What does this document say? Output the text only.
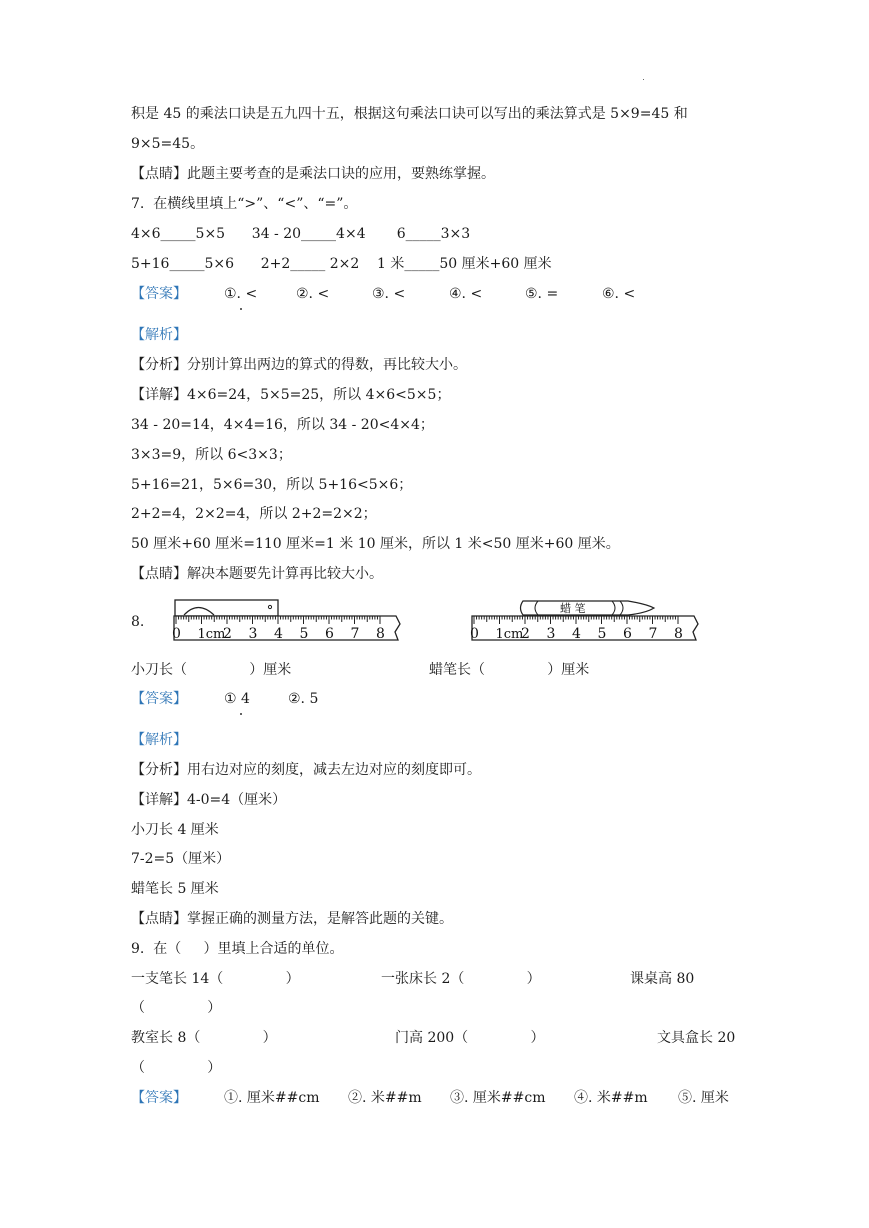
积是 45 的乘法口诀是五九四十五，根据这句乘法口诀可以写出的乘法算式是 5×9=45 和
9×5=45。
【点睛】此题主要考查的是乘法口诀的应用，要熟练掌握。
7.  在横线里填上“>”、“<”、“=”。
4×6_____5×5      34 - 20_____4×4       6_____3×3
5+16_____5×6      2+2_____ 2×2    1 米_____50 厘米+60 厘米
【答案】	①. <	②. <	③. <	④. <	⑤. =	⑥. <
【解析】
【分析】分别计算出两边的算式的得数，再比较大小。
【详解】4×6=24，5×5=25，所以 4×6<5×5；
34 - 20=14，4×4=16，所以 34 - 20<4×4；
3×3=9，所以 6<3×3；
5+16=21，5×6=30，所以 5+16<5×6；
2+2=4，2×2=4，所以 2+2=2×2；
50 厘米+60 厘米=110 厘米=1 米 10 厘米，所以 1 米<50 厘米+60 厘米。
【点睛】解决本题要先计算再比较大小。
8.
0 1cm
2 3 4 5 6 7 8
蜡 笔
0 1cm
2 3 4 5 6 7 8
小刀长（              ）厘米	蜡笔长（              ）厘米
【答案】	① 4	②. 5
【解析】
【分析】用右边对应的刻度，减去左边对应的刻度即可。
【详解】4-0=4（厘米）
小刀长 4 厘米
7-2=5（厘米）
蜡笔长 5 厘米
【点睛】掌握正确的测量方法，是解答此题的关键。
9.  在（     ）里填上合适的单位。
一支笔长 14（              ）	一张床长 2（              ）	课桌高 80
（              ）
教室长 8（              ）	门高 200（              ）	文具盒长 20
（              ）
【答案】	①. 厘米##cm ②. 米##m ③. 厘米##cm ④. 米##m ⑤. 厘米
